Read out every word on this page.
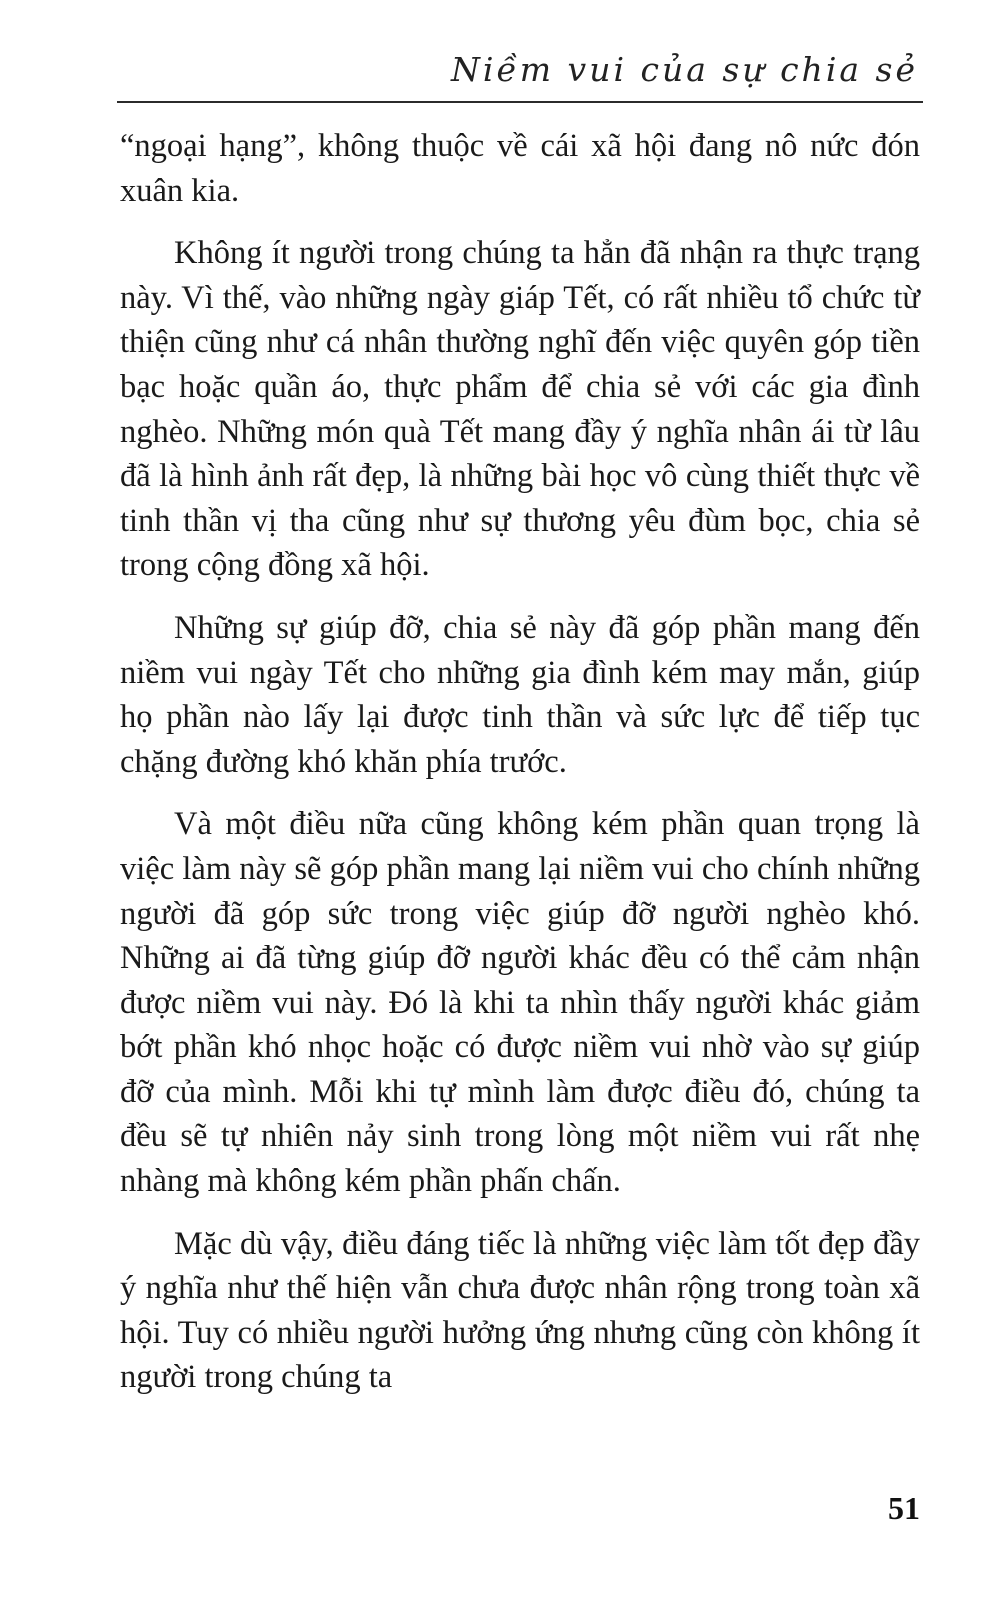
Niềm vui của sự chia sẻ

“ngoại hạng”, không thuộc về cái xã hội đang nô nức đón xuân kia.

Không ít người trong chúng ta hẳn đã nhận ra thực trạng này. Vì thế, vào những ngày giáp Tết, có rất nhiều tổ chức từ thiện cũng như cá nhân thường nghĩ đến việc quyên góp tiền bạc hoặc quần áo, thực phẩm để chia sẻ với các gia đình nghèo. Những món quà Tết mang đầy ý nghĩa nhân ái từ lâu đã là hình ảnh rất đẹp, là những bài học vô cùng thiết thực về tinh thần vị tha cũng như sự thương yêu đùm bọc, chia sẻ trong cộng đồng xã hội.

Những sự giúp đỡ, chia sẻ này đã góp phần mang đến niềm vui ngày Tết cho những gia đình kém may mắn, giúp họ phần nào lấy lại được tinh thần và sức lực để tiếp tục chặng đường khó khăn phía trước.

Và một điều nữa cũng không kém phần quan trọng là việc làm này sẽ góp phần mang lại niềm vui cho chính những người đã góp sức trong việc giúp đỡ người nghèo khó. Những ai đã từng giúp đỡ người khác đều có thể cảm nhận được niềm vui này. Đó là khi ta nhìn thấy người khác giảm bớt phần khó nhọc hoặc có được niềm vui nhờ vào sự giúp đỡ của mình. Mỗi khi tự mình làm được điều đó, chúng ta đều sẽ tự nhiên nảy sinh trong lòng một niềm vui rất nhẹ nhàng mà không kém phần phấn chấn.

Mặc dù vậy, điều đáng tiếc là những việc làm tốt đẹp đầy ý nghĩa như thế hiện vẫn chưa được nhân rộng trong toàn xã hội. Tuy có nhiều người hưởng ứng nhưng cũng còn không ít người trong chúng ta

51
